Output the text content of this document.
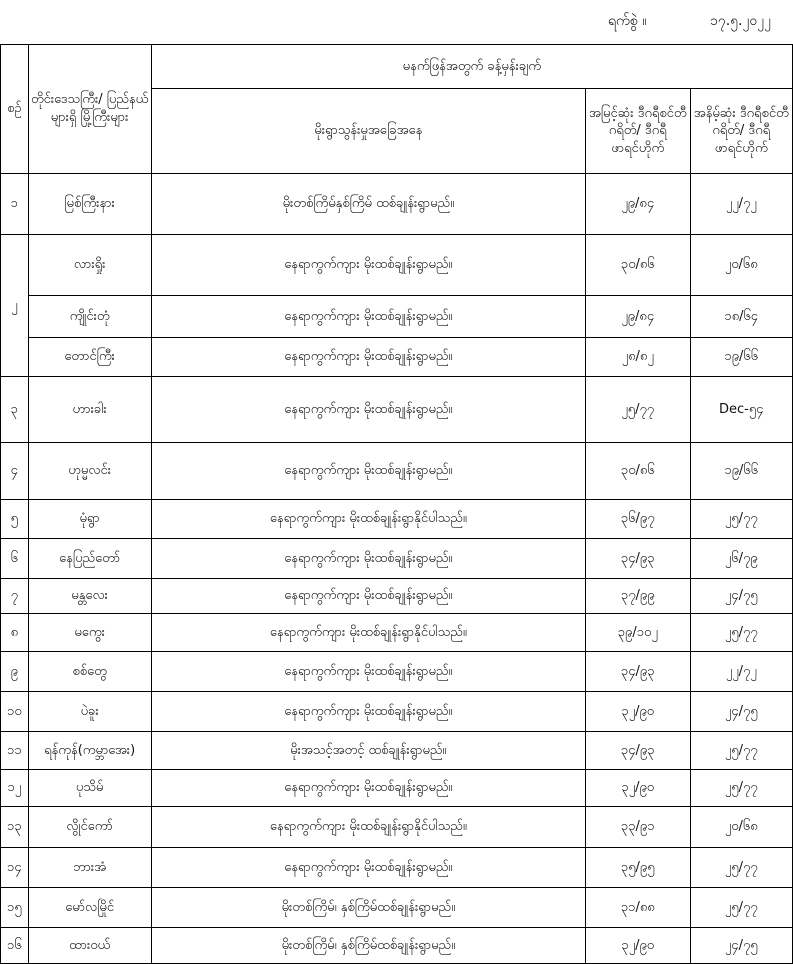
ရက်စွဲ ။	၁၇.၅.၂၀၂၂
စဉ်	တိုင်းဒေသကြီး/ ပြည်နယ်များရှိ မြို့ကြီးများ	မနက်ဖြန်အတွက် ခန့်မှန်းချက်		
		မိုးရွာသွန်းမှုအခြေအနေ	အမြင့်ဆုံး ဒီဂရီစင်တီဂရိတ်/ ဒီဂရီဖာရင်ဟိုက်	အနိမ့်ဆုံး ဒီဂရီစင်တီဂရိတ်/ ဒီဂရီဖာရင်ဟိုက်
၁	မြစ်ကြီးနား	မိုးတစ်ကြိမ်နှစ်ကြိမ် ထစ်ချုန်းရွာမည်။	၂၉/၈၄	၂၂/၇၂
၂	လားရှိုး	နေရာကွက်ကျား မိုးထစ်ချုန်းရွာမည်။	၃၀/၈၆	၂၀/၆၈
	ကျိုင်းတုံ	နေရာကွက်ကျား မိုးထစ်ချုန်းရွာမည်။	၂၉/၈၄	၁၈/၆၄
	တောင်ကြီး	နေရာကွက်ကျား မိုးထစ်ချုန်းရွာမည်။	၂၈/၈၂	၁၉/၆၆
၃	ဟားခါး	နေရာကွက်ကျား မိုးထစ်ချုန်းရွာမည်။	၂၅/၇၇	Dec-၅၄
၄	ဟုမ္မလင်း	နေရာကွက်ကျား မိုးထစ်ချုန်းရွာမည်။	၃၀/၈၆	၁၉/၆၆
၅	မုံရွာ	နေရာကွက်ကျား မိုးထစ်ချုန်းရွာနိုင်ပါသည်။	၃၆/၉၇	၂၅/၇၇
၆	နေပြည်တော်	နေရာကွက်ကျား မိုးထစ်ချုန်းရွာမည်။	၃၄/၉၃	၂၆/၇၉
၇	မန္တလေး	နေရာကွက်ကျား မိုးထစ်ချုန်းရွာမည်။	၃၇/၉၉	၂၄/၇၅
၈	မကွေး	နေရာကွက်ကျား မိုးထစ်ချုန်းရွာနိုင်ပါသည်။	၃၉/၁၀၂	၂၅/၇၇
၉	စစ်တွေ	နေရာကွက်ကျား မိုးထစ်ချုန်းရွာမည်။	၃၄/၉၃	၂၂/၇၂
၁၀	ပဲခူး	နေရာကွက်ကျား မိုးထစ်ချုန်းရွာမည်။	၃၂/၉၀	၂၄/၇၅
၁၁	ရန်ကုန်(ကမ္ဘာအေး)	မိုးအသင့်အတင့် ထစ်ချုန်းရွာမည်။	၃၄/၉၃	၂၅/၇၇
၁၂	ပုသိမ်	နေရာကွက်ကျား မိုးထစ်ချုန်းရွာမည်။	၃၂/၉၀	၂၅/၇၇
၁၃	လွိုင်ကော်	နေရာကွက်ကျား မိုးထစ်ချုန်းရွာနိုင်ပါသည်။	၃၃/၉၁	၂၀/၆၈
၁၄	ဘားအံ	နေရာကွက်ကျား မိုးထစ်ချုန်းရွာမည်။	၃၅/၉၅	၂၅/၇၇
၁၅	မော်လမြိုင်	မိုးတစ်ကြိမ်၊ နှစ်ကြိမ်ထစ်ချုန်းရွာမည်။	၃၁/၈၈	၂၅/၇၇
၁၆	ထားဝယ်	မိုးတစ်ကြိမ်၊ နှစ်ကြိမ်ထစ်ချုန်းရွာမည်။	၃၂/၉၀	၂၄/၇၅
